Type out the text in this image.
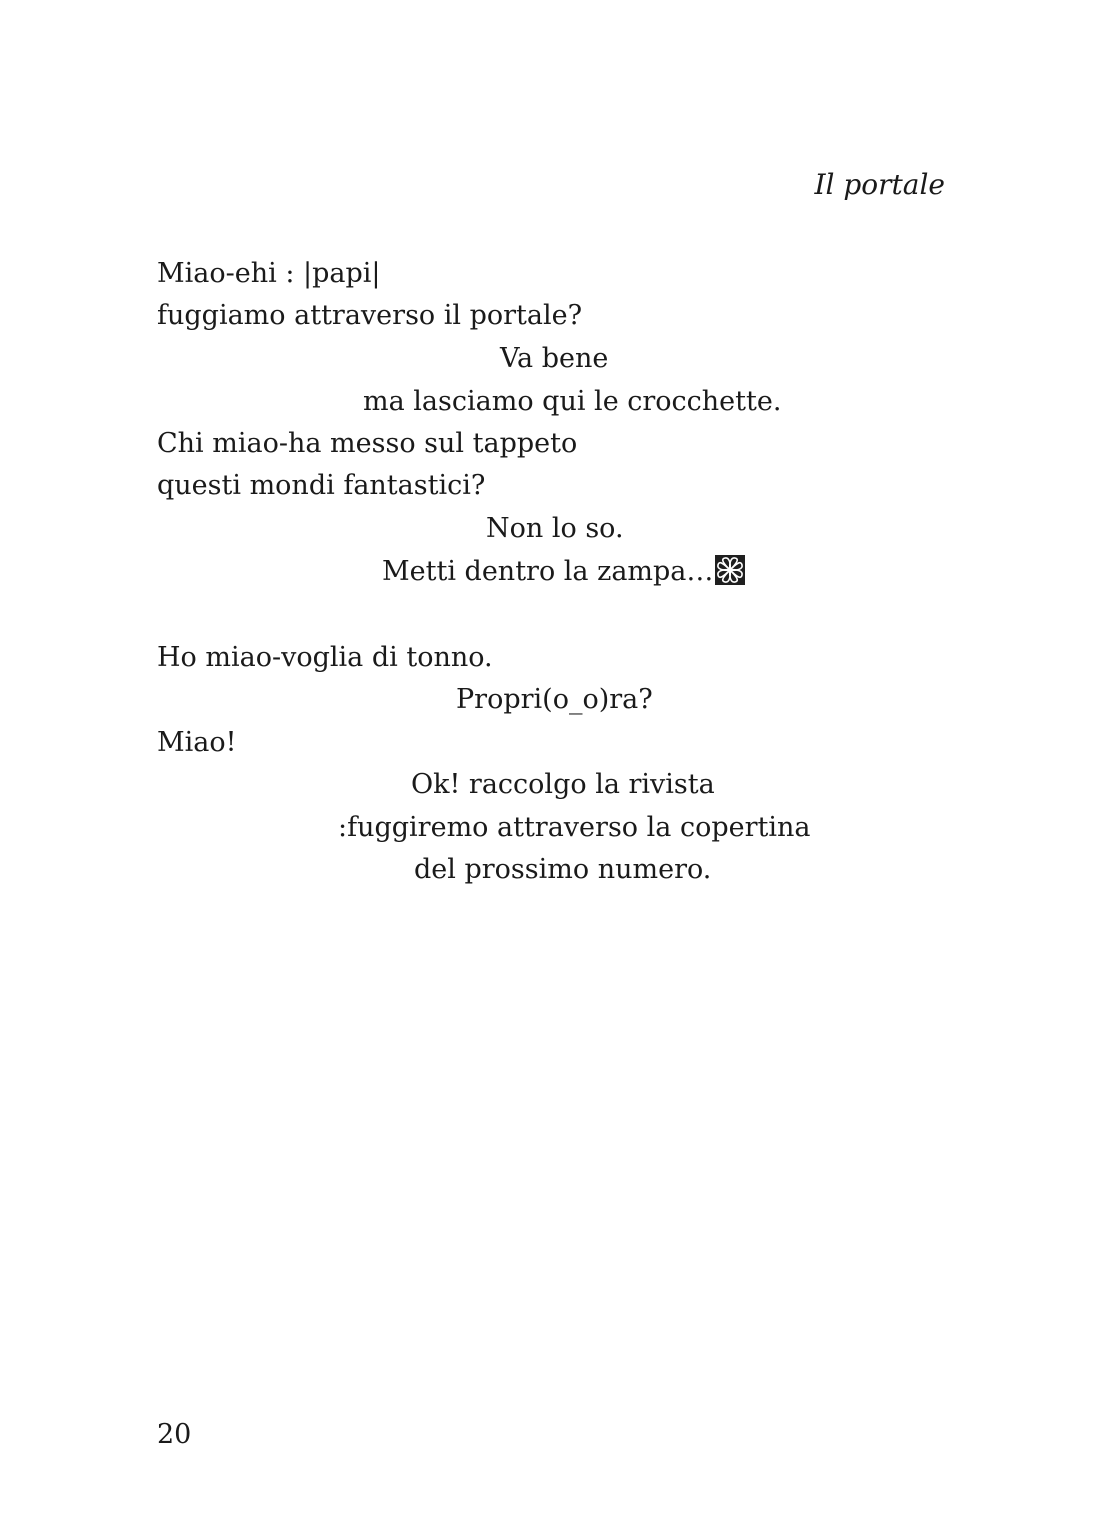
Il portale
Miao-ehi : |papi|
fuggiamo attraverso il portale?
Va bene
ma lasciamo qui le crocchette.
Chi miao-ha messo sul tappeto
questi mondi fantastici?
Non lo so.
Metti dentro la zampa…
Ho miao-voglia di tonno.
Propri(o_o)ra?
Miao!
Ok! raccolgo la rivista
:fuggiremo attraverso la copertina
del prossimo numero.
20
